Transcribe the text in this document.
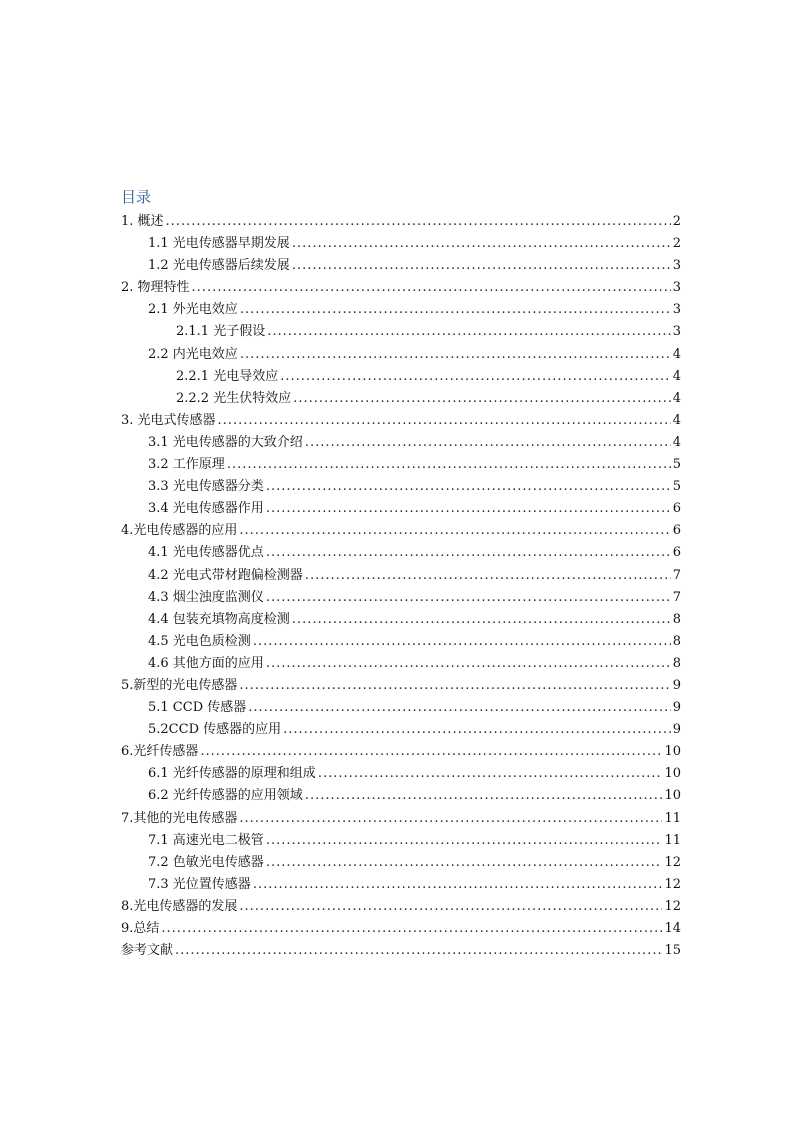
目录
1. 概述 .....	2
1.1 光电传感器早期发展 .....	2
1.2 光电传感器后续发展 .....	3
2. 物理特性 .....	3
2.1 外光电效应 .....	3
2.1.1 光子假设 .....	3
2.2 内光电效应 .....	4
2.2.1 光电导效应 .....	4
2.2.2 光生伏特效应 .....	4
3. 光电式传感器 .....	4
3.1 光电传感器的大致介绍 .....	4
3.2 工作原理 .....	5
3.3 光电传感器分类 .....	5
3.4 光电传感器作用 .....	6
4.光电传感器的应用 .....	6
4.1 光电传感器优点 .....	6
4.2 光电式带材跑偏检测器 .....	7
4.3 烟尘浊度监测仪 .....	7
4.4 包装充填物高度检测 .....	8
4.5 光电色质检测 .....	8
4.6 其他方面的应用 .....	8
5.新型的光电传感器 .....	9
5.1 CCD 传感器 .....	9
5.2CCD 传感器的应用 .....	9
6.光纤传感器 .....	10
6.1 光纤传感器的原理和组成 .....	10
6.2 光纤传感器的应用领域 .....	10
7.其他的光电传感器 .....	11
7.1 高速光电二极管 .....	11
7.2 色敏光电传感器 .....	12
7.3 光位置传感器 .....	12
8.光电传感器的发展 .....	12
9.总结 .....	14
参考文献 .....	15
